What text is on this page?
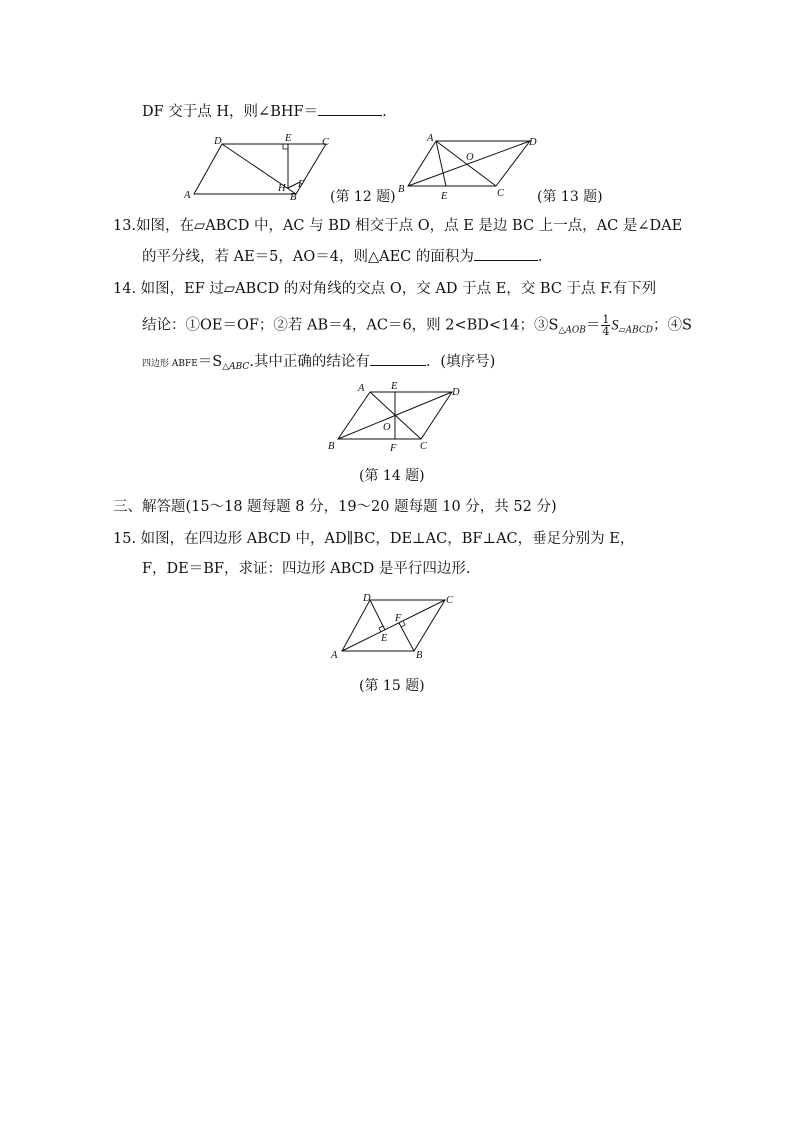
DF 交于点 H，则∠BHF＝	.
D	E	C
A
H F
B (第 12 题)
A	D
O
B
E	C (第 13 题)
13.如图，在▱ABCD 中，AC 与 BD 相交于点 O，点 E 是边 BC 上一点，AC 是∠DAE
的平分线，若 AE＝5，AO＝4，则△AEC 的面积为	.
14. 如图，EF 过▱ABCD 的对角线的交点 O，交 AD 于点 E，交 BC 于点 F.有下列
结论：①OE＝OF；②若 AB＝4，AC＝6，则 2<BD<14；$③S_{\triangle AOB}= \frac{1}{4} S_{▱ABCD}$；④S
四边形 $ABFE=S_{\triangle ABC}$.其中正确的结论有	．(填序号)
A	E
D
O
B	F C
(第 14 题)
三、解答题(15～18 题每题 8 分，19～20 题每题 10 分，共 52 分)
15. 如图，在四边形 ABCD 中，AD∥BC，DE⊥AC，BF⊥AC，垂足分别为 E，
F，DE＝BF，求证：四边形 ABCD 是平行四边形.
D	C
F
E
A	B
(第 15 题)
